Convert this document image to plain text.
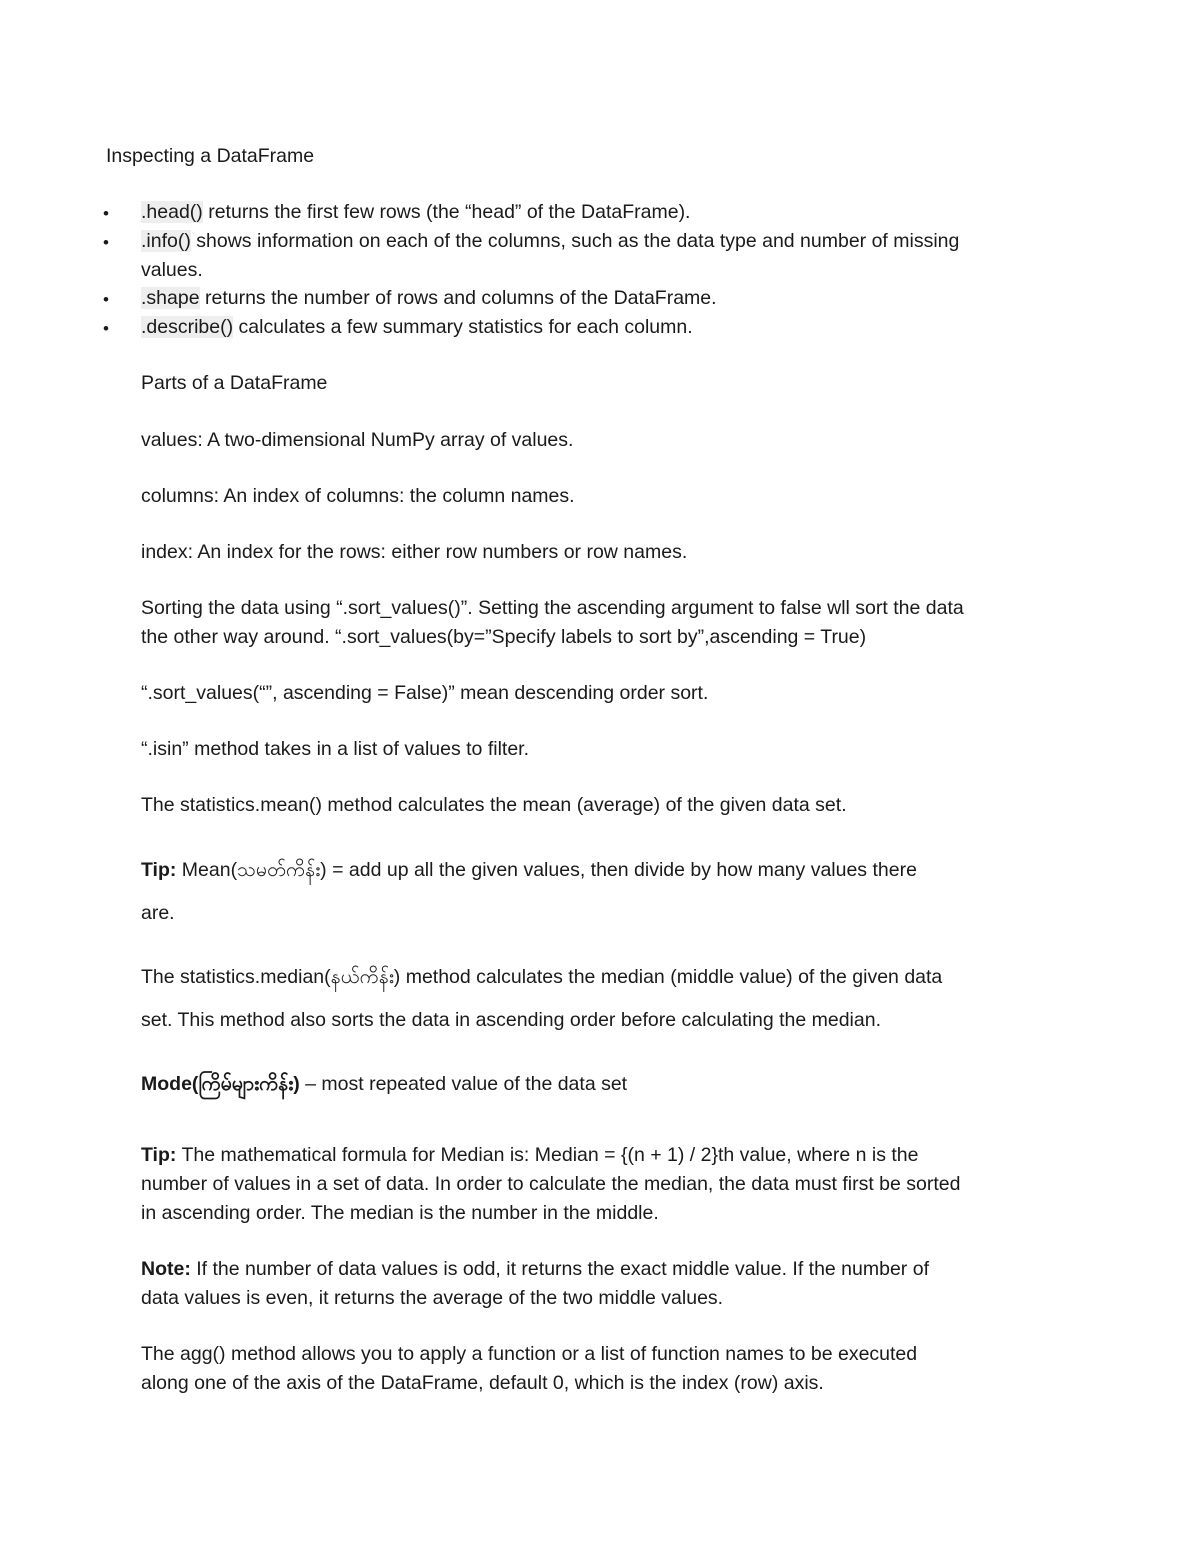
Inspecting a DataFrame
• .head() returns the first few rows (the “head” of the DataFrame).
• .info() shows information on each of the columns, such as the data type and number of missing
values.
• .shape returns the number of rows and columns of the DataFrame.
• .describe() calculates a few summary statistics for each column.
Parts of a DataFrame
values: A two-dimensional NumPy array of values.
columns: An index of columns: the column names.
index: An index for the rows: either row numbers or row names.
Sorting the data using “.sort_values()”. Setting the ascending argument to false wll sort the data
the other way around. “.sort_values(by=”Specify labels to sort by”,ascending = True)
“.sort_values(“”, ascending = False)” mean descending order sort.
“.isin” method takes in a list of values to filter.
The statistics.mean() method calculates the mean (average) of the given data set.
Tip: Mean(သမတ်ကိန်း) = add up all the given values, then divide by how many values there
are.
The statistics.median(နယ်ကိန်း) method calculates the median (middle value) of the given data
set. This method also sorts the data in ascending order before calculating the median.
Mode(ကြိမ်များကိန်း) – most repeated value of the data set
Tip: The mathematical formula for Median is: Median = {(n + 1) / 2}th value, where n is the
number of values in a set of data. In order to calculate the median, the data must first be sorted
in ascending order. The median is the number in the middle.
Note: If the number of data values is odd, it returns the exact middle value. If the number of
data values is even, it returns the average of the two middle values.
The agg() method allows you to apply a function or a list of function names to be executed
along one of the axis of the DataFrame, default 0, which is the index (row) axis.
